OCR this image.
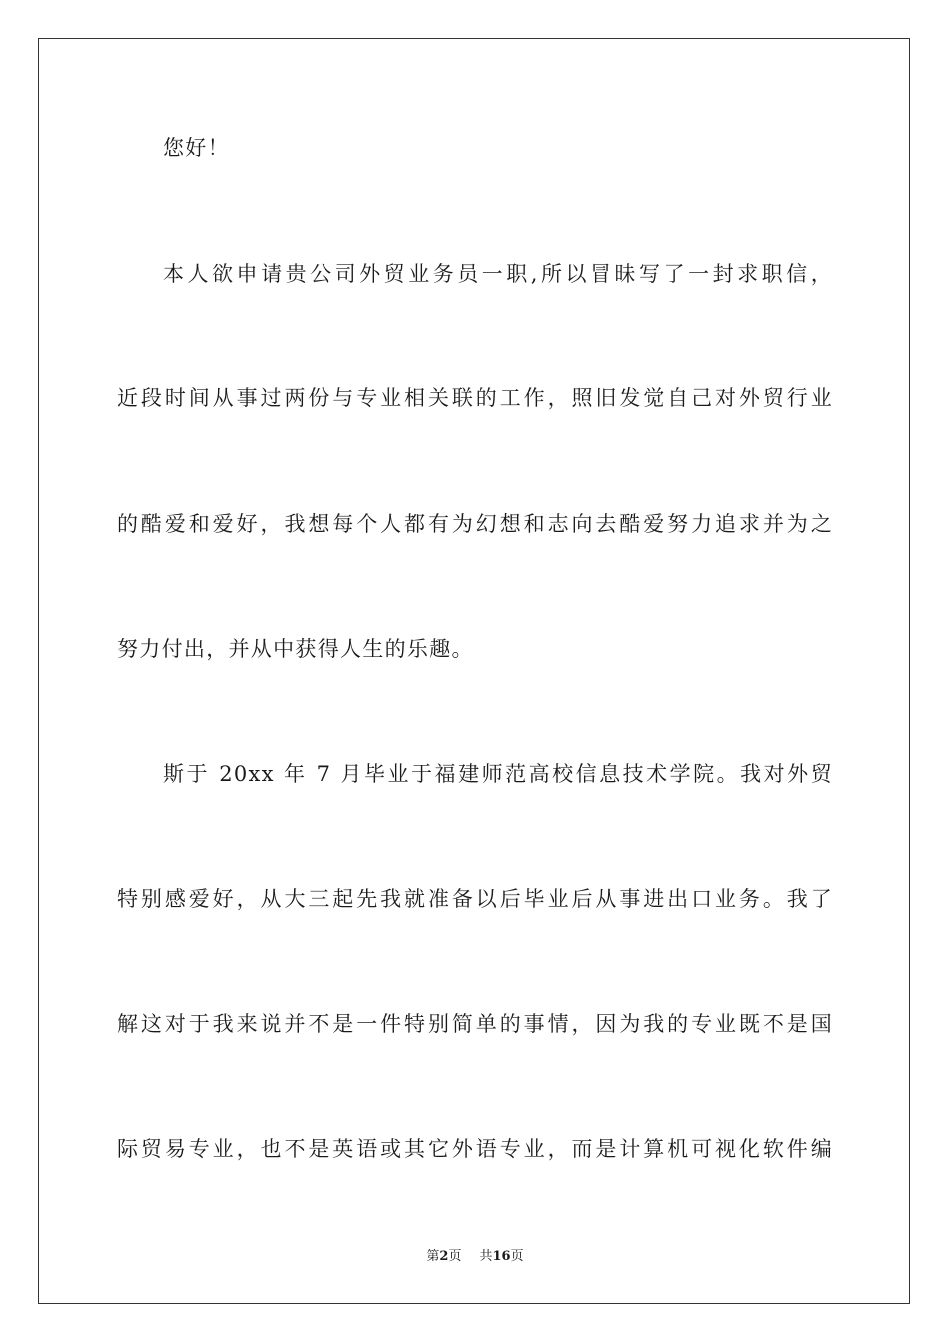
您好！
本人欲申请贵公司外贸业务员一职,所以冒昧写了一封求职信，
近段时间从事过两份与专业相关联的工作，照旧发觉自己对外贸行业
的酷爱和爱好，我想每个人都有为幻想和志向去酷爱努力追求并为之
努力付出，并从中获得人生的乐趣。
斯于 20xx 年 7 月毕业于福建师范高校信息技术学院。我对外贸
特别感爱好，从大三起先我就准备以后毕业后从事进出口业务。我了
解这对于我来说并不是一件特别简单的事情，因为我的专业既不是国
际贸易专业，也不是英语或其它外语专业，而是计算机可视化软件编
第2页 共16页
